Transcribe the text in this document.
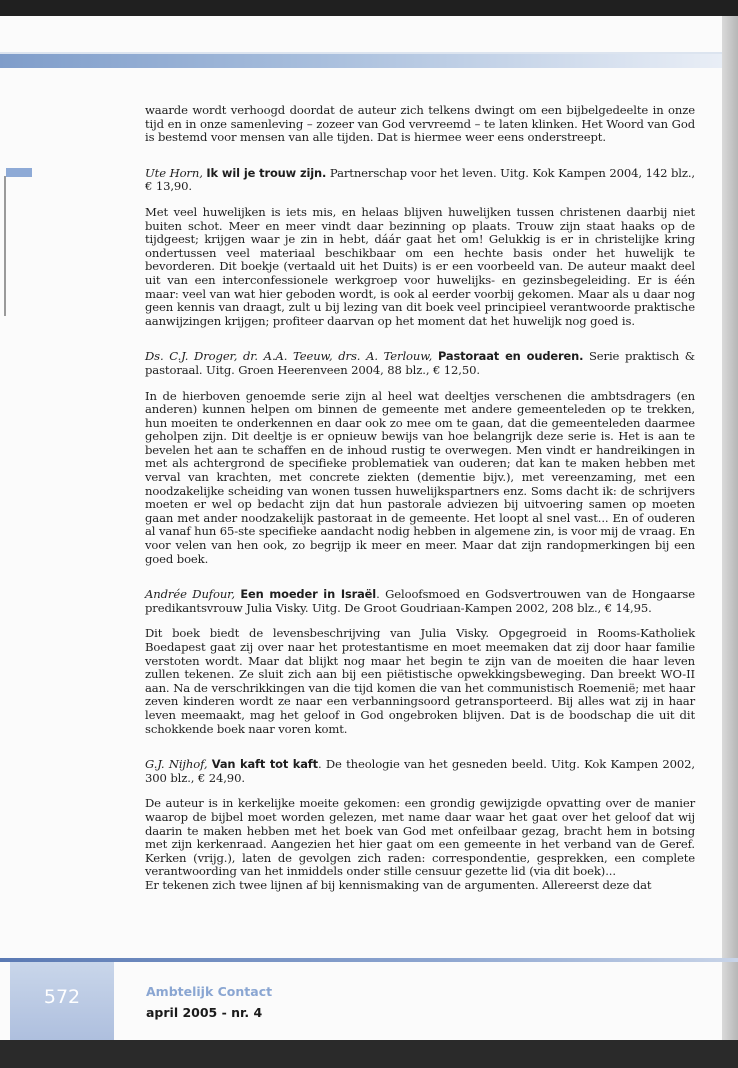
waarde wordt verhoogd doordat de auteur zich telkens dwingt om een bijbelgedeelte in onze tijd en in onze samenleving – zozeer van God vervreemd – te laten klinken. Het Woord van God is bestemd voor mensen van alle tijden. Dat is hiermee weer eens onderstreept.

Ute Horn, Ik wil je trouw zijn. Partnerschap voor het leven. Uitg. Kok Kampen 2004, 142 blz., € 13,90.

Met veel huwelijken is iets mis, en helaas blijven huwelijken tussen christenen daarbij niet buiten schot. Meer en meer vindt daar bezinning op plaats. Trouw zijn staat haaks op de tijdgeest; krijgen waar je zin in hebt, dáár gaat het om! Gelukkig is er in christelijke kring ondertussen veel materiaal beschikbaar om een hechte basis onder het huwelijk te bevorderen. Dit boekje (vertaald uit het Duits) is er een voorbeeld van. De auteur maakt deel uit van een interconfessionele werkgroep voor huwelijks- en gezinsbegeleiding. Er is één maar: veel van wat hier geboden wordt, is ook al eerder voorbij gekomen. Maar als u daar nog geen kennis van draagt, zult u bij lezing van dit boek veel principieel verantwoorde praktische aanwijzingen krijgen; profiteer daarvan op het moment dat het huwelijk nog goed is.

Ds. C.J. Droger, dr. A.A. Teeuw, drs. A. Terlouw, Pastoraat en ouderen. Serie praktisch & pastoraal. Uitg. Groen Heerenveen 2004, 88 blz., € 12,50.

In de hierboven genoemde serie zijn al heel wat deeltjes verschenen die ambtsdragers (en anderen) kunnen helpen om binnen de gemeente met andere gemeenteleden op te trekken, hun moeiten te onderkennen en daar ook zo mee om te gaan, dat die gemeenteleden daarmee geholpen zijn. Dit deeltje is er opnieuw bewijs van hoe belangrijk deze serie is. Het is aan te bevelen het aan te schaffen en de inhoud rustig te overwegen. Men vindt er handreikingen in met als achtergrond de specifieke problematiek van ouderen; dat kan te maken hebben met verval van krachten, met concrete ziekten (dementie bijv.), met vereenzaming, met een noodzakelijke scheiding van wonen tussen huwelijkspartners enz. Soms dacht ik: de schrijvers moeten er wel op bedacht zijn dat hun pastorale adviezen bij uitvoering samen op moeten gaan met ander noodzakelijk pastoraat in de gemeente. Het loopt al snel vast... En of ouderen al vanaf hun 65-ste specifieke aandacht nodig hebben in algemene zin, is voor mij de vraag. En voor velen van hen ook, zo begrijp ik meer en meer. Maar dat zijn randopmerkingen bij een goed boek.

Andrée Dufour, Een moeder in Israël. Geloofsmoed en Godsvertrouwen van de Hongaarse predikantsvrouw Julia Visky. Uitg. De Groot Goudriaan-Kampen 2002, 208 blz., € 14,95.

Dit boek biedt de levensbeschrijving van Julia Visky. Opgegroeid in Rooms-Katholiek Boedapest gaat zij over naar het protestantisme en moet meemaken dat zij door haar familie verstoten wordt. Maar dat blijkt nog maar het begin te zijn van de moeiten die haar leven zullen tekenen. Ze sluit zich aan bij een piëtistische opwekkingsbeweging. Dan breekt WO-II aan. Na de verschrikkingen van die tijd komen die van het communistisch Roemenië; met haar zeven kinderen wordt ze naar een verbanningsoord getransporteerd. Bij alles wat zij in haar leven meemaakt, mag het geloof in God ongebroken blijven. Dat is de boodschap die uit dit schokkende boek naar voren komt.

G.J. Nijhof, Van kaft tot kaft. De theologie van het gesneden beeld. Uitg. Kok Kampen 2002, 300 blz., € 24,90.

De auteur is in kerkelijke moeite gekomen: een grondig gewijzigde opvatting over de manier waarop de bijbel moet worden gelezen, met name daar waar het gaat over het geloof dat wij daarin te maken hebben met het boek van God met onfeilbaar gezag, bracht hem in botsing met zijn kerkenraad. Aangezien het hier gaat om een gemeente in het verband van de Geref. Kerken (vrijg.), laten de gevolgen zich raden: correspondentie, gesprekken, een complete verantwoording van het inmiddels onder stille censuur gezette lid (via dit boek)...

Er tekenen zich twee lijnen af bij kennismaking van de argumenten. Allereerst deze dat

572	Ambtelijk Contact
april 2005 - nr. 4
